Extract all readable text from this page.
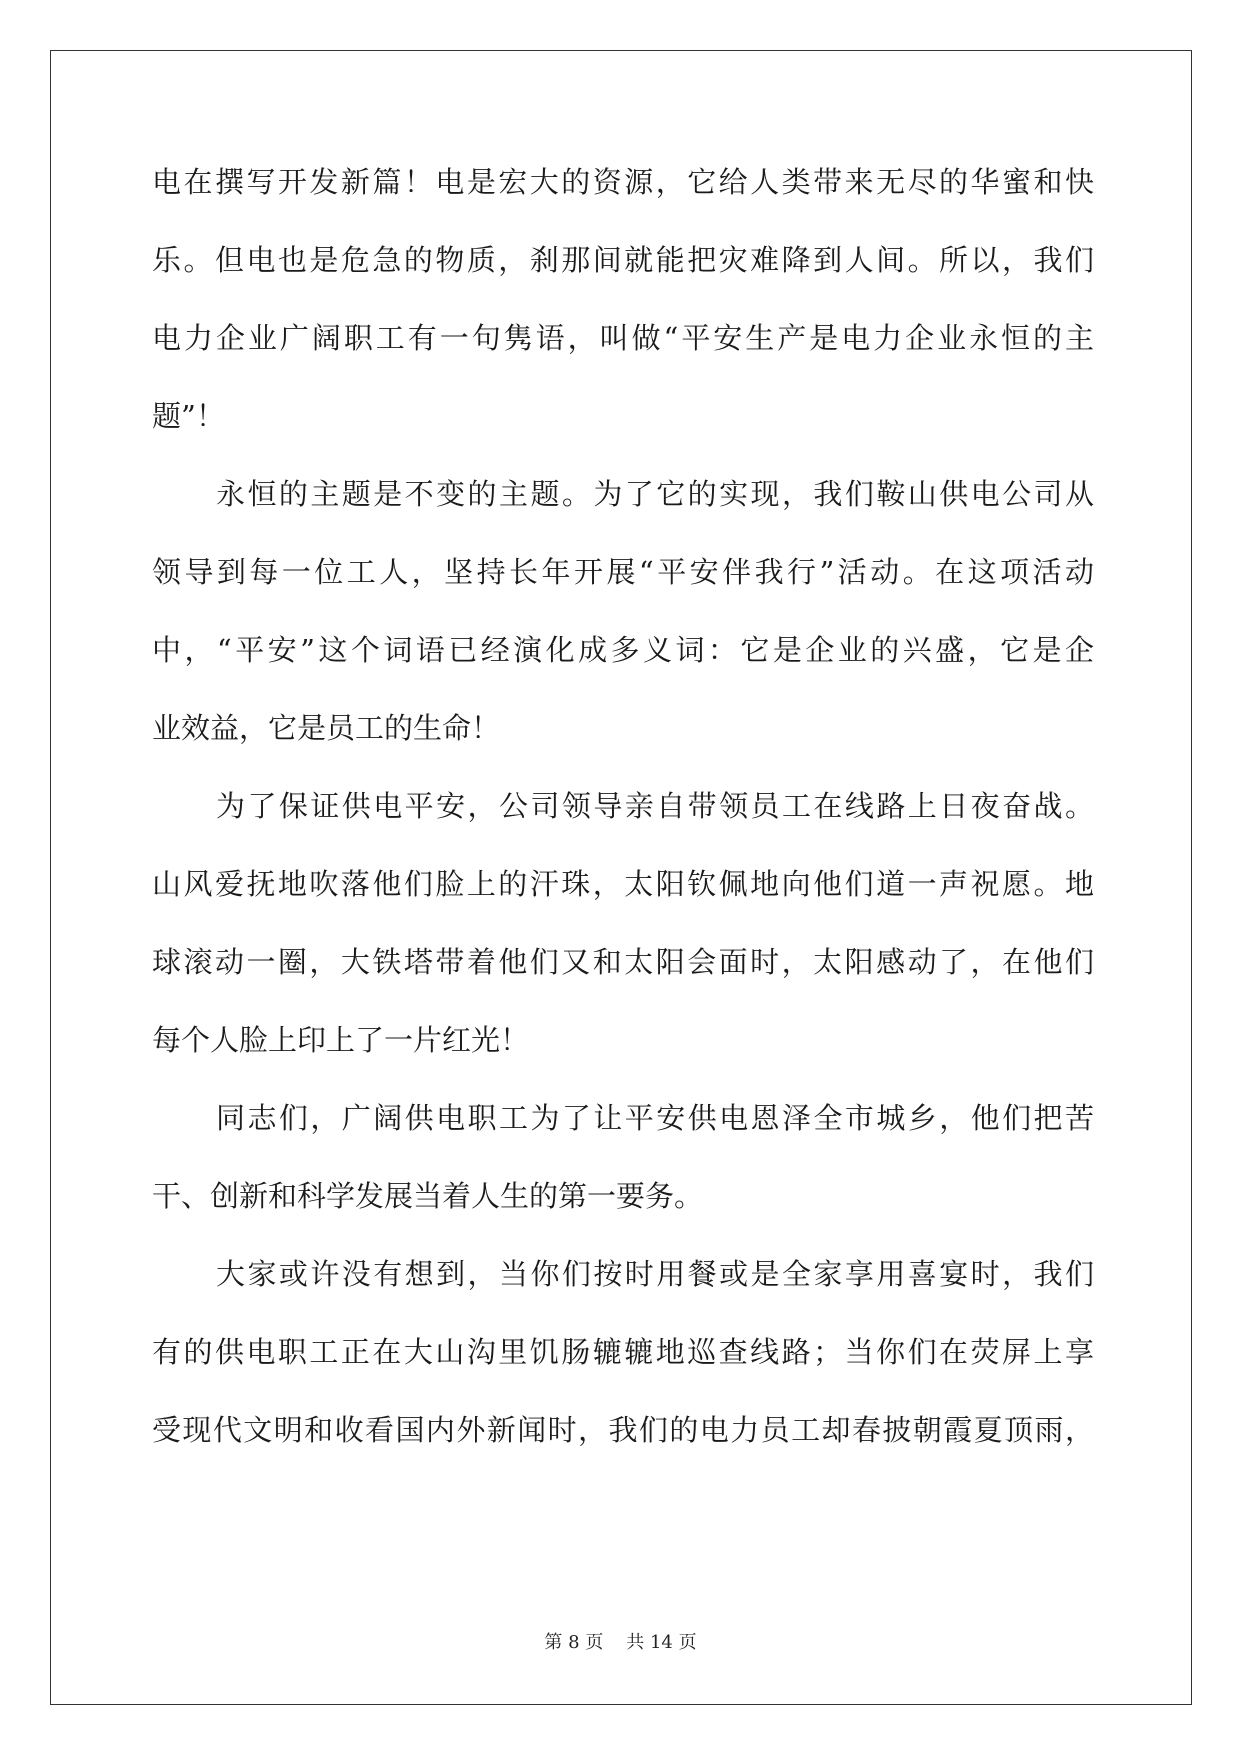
电在撰写开发新篇！电是宏大的资源，它给人类带来无尽的华蜜和快
乐。但电也是危急的物质，刹那间就能把灾难降到人间。所以，我们
电力企业广阔职工有一句隽语，叫做“平安生产是电力企业永恒的主
题”！
永恒的主题是不变的主题。为了它的实现，我们鞍山供电公司从
领导到每一位工人，坚持长年开展“平安伴我行”活动。在这项活动
中，“平安”这个词语已经演化成多义词：它是企业的兴盛，它是企
业效益，它是员工的生命！
为了保证供电平安，公司领导亲自带领员工在线路上日夜奋战。
山风爱抚地吹落他们脸上的汗珠，太阳钦佩地向他们道一声祝愿。地
球滚动一圈，大铁塔带着他们又和太阳会面时，太阳感动了，在他们
每个人脸上印上了一片红光！
同志们，广阔供电职工为了让平安供电恩泽全市城乡，他们把苦
干、创新和科学发展当着人生的第一要务。
大家或许没有想到，当你们按时用餐或是全家享用喜宴时，我们
有的供电职工正在大山沟里饥肠辘辘地巡查线路；当你们在荧屏上享
受现代文明和收看国内外新闻时，我们的电力员工却春披朝霞夏顶雨，
第 8 页 共 14 页
